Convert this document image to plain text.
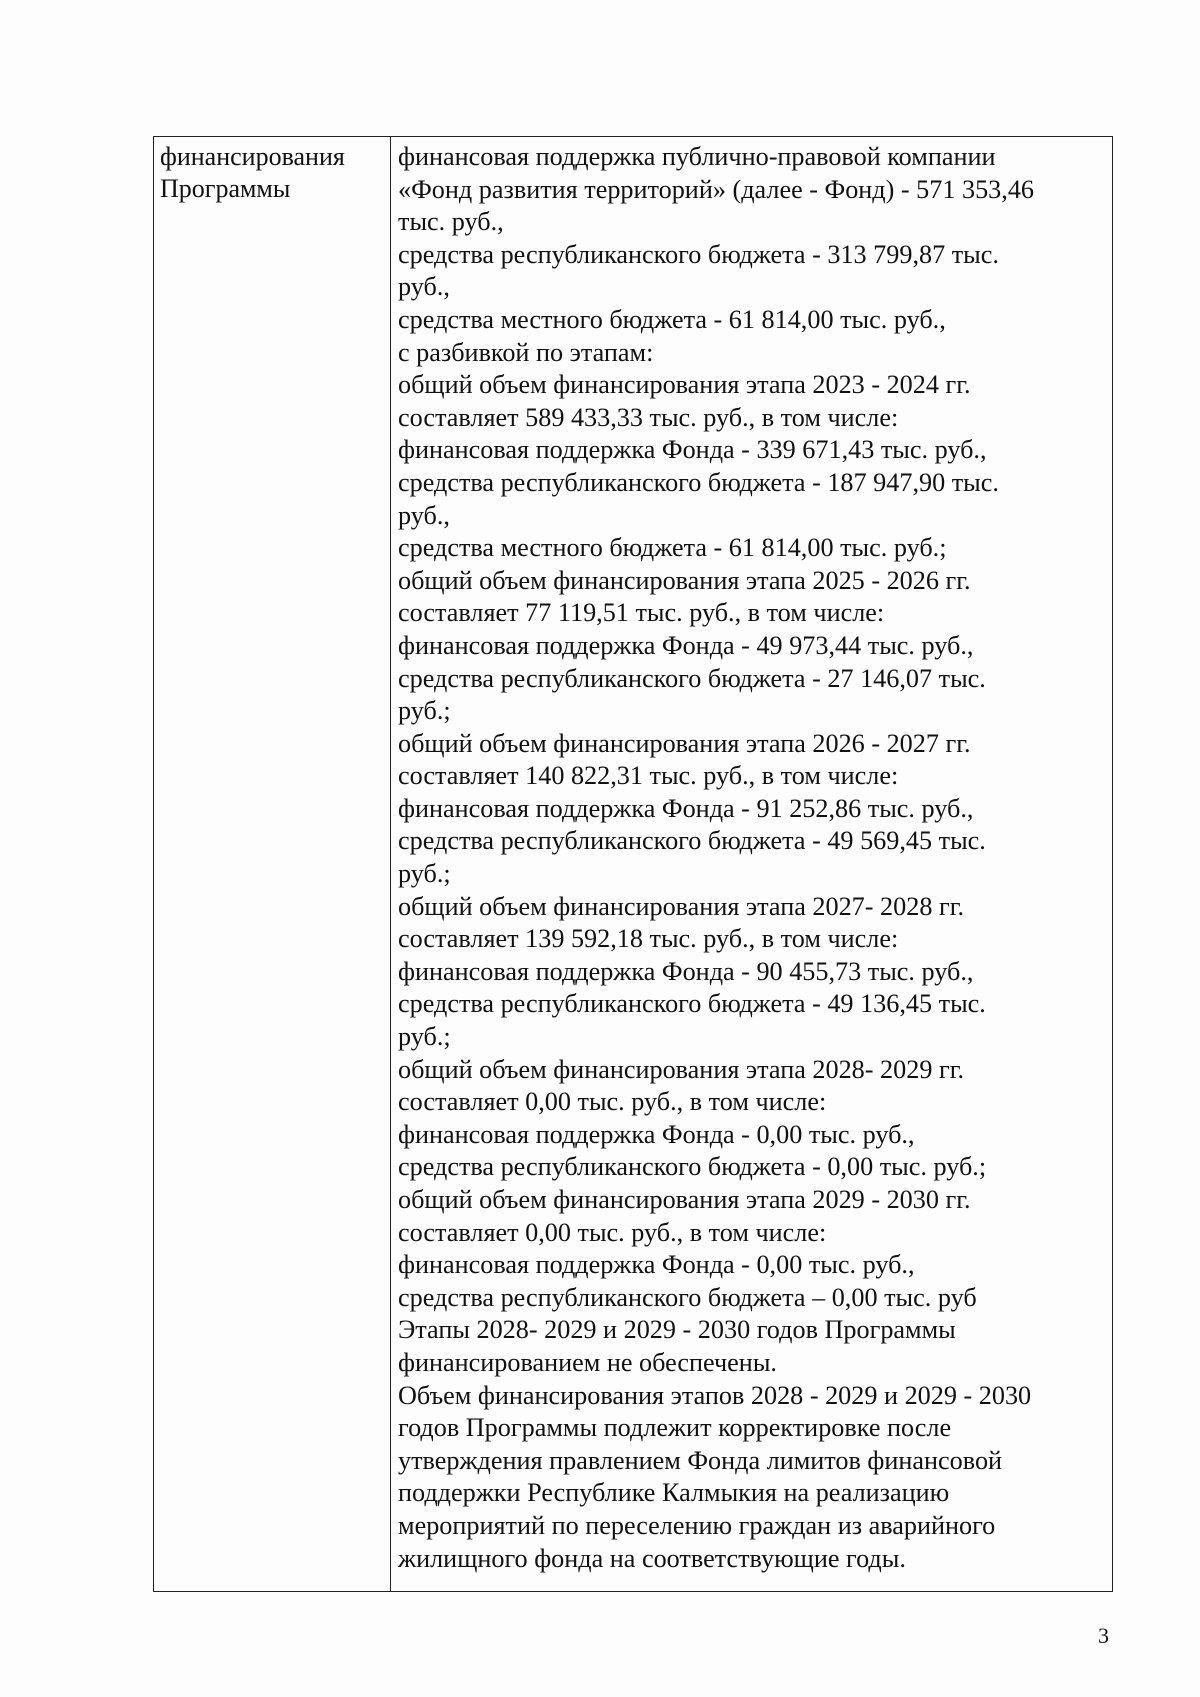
финансирования
Программы
финансовая поддержка публично-правовой компании
«Фонд развития территорий» (далее - Фонд) - 571 353,46
тыс. руб.,
средства республиканского бюджета - 313 799,87 тыс.
руб.,
средства местного бюджета - 61 814,00 тыс. руб.,
с разбивкой по этапам:
общий объем финансирования этапа 2023 - 2024 гг.
составляет 589 433,33 тыс. руб., в том числе:
финансовая поддержка Фонда - 339 671,43 тыс. руб.,
средства республиканского бюджета - 187 947,90 тыс.
руб.,
средства местного бюджета - 61 814,00 тыс. руб.;
общий объем финансирования этапа 2025 - 2026 гг.
составляет 77 119,51 тыс. руб., в том числе:
финансовая поддержка Фонда - 49 973,44 тыс. руб.,
средства республиканского бюджета - 27 146,07 тыс.
руб.;
общий объем финансирования этапа 2026 - 2027 гг.
составляет 140 822,31 тыс. руб., в том числе:
финансовая поддержка Фонда - 91 252,86 тыс. руб.,
средства республиканского бюджета - 49 569,45 тыс.
руб.;
общий объем финансирования этапа 2027- 2028 гг.
составляет 139 592,18 тыс. руб., в том числе:
финансовая поддержка Фонда - 90 455,73 тыс. руб.,
средства республиканского бюджета - 49 136,45 тыс.
руб.;
общий объем финансирования этапа 2028- 2029 гг.
составляет 0,00 тыс. руб., в том числе:
финансовая поддержка Фонда - 0,00 тыс. руб.,
средства республиканского бюджета - 0,00 тыс. руб.;
общий объем финансирования этапа 2029 - 2030 гг.
составляет 0,00 тыс. руб., в том числе:
финансовая поддержка Фонда - 0,00 тыс. руб.,
средства республиканского бюджета – 0,00 тыс. руб
Этапы 2028- 2029 и 2029 - 2030 годов Программы
финансированием не обеспечены.
Объем финансирования этапов 2028 - 2029 и 2029 - 2030
годов Программы подлежит корректировке после
утверждения правлением Фонда лимитов финансовой
поддержки Республике Калмыкия на реализацию
мероприятий по переселению граждан из аварийного
жилищного фонда на соответствующие годы.
3
